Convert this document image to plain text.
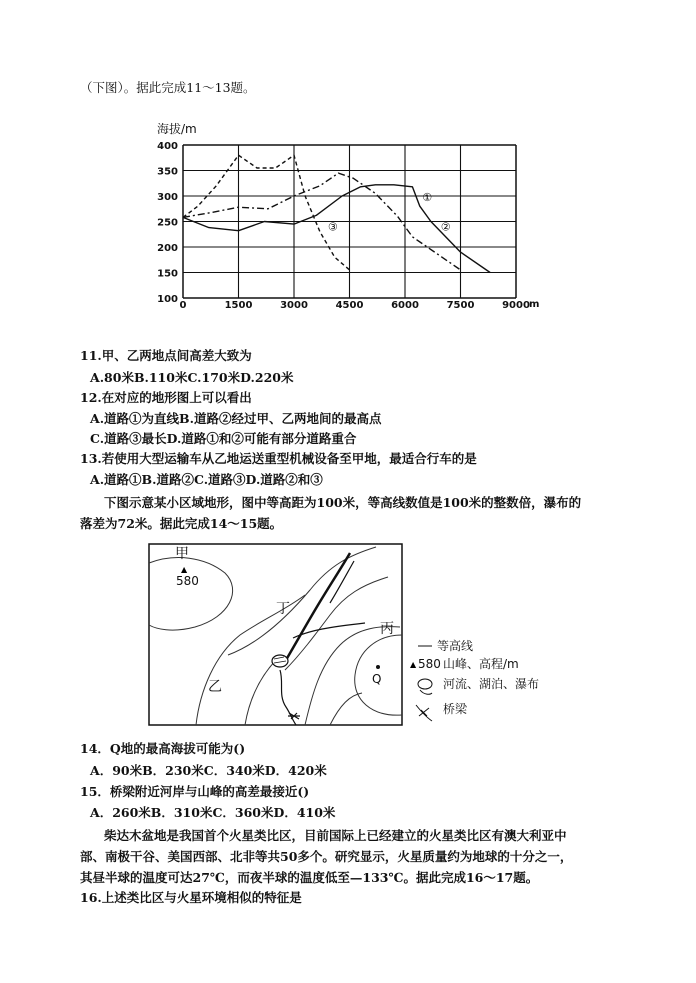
（下图）。据此完成11～13题。
海拔/m
400
350
300
250
200
150
100
0	1500	3000	4500	6000	7500	9000 m
①
②
③
11.甲、乙两地点间高差大致为
A.80米B.110米C.170米D.220米
12.在对应的地形图上可以看出
A.道路①为直线B.道路②经过甲、乙两地间的最高点
C.道路③最长D.道路①和②可能有部分道路重合
13.若使用大型运输车从乙地运送重型机械设备至甲地，最适合行车的是
A.道路①B.道路②C.道路③D.道路②和③
下图示意某小区域地形，图中等高距为100米，等高线数值是100米的整数倍，瀑布的
落差为72米。据此完成14～15题。
甲
▲
580
丁
丙
乙	Q
等高线
▲ 580 山峰、高程/m
河流、湖泊、瀑布
桥梁
14．Q地的最高海拔可能为()
A．90米B．230米C．340米D．420米
15．桥梁附近河岸与山峰的高差最接近()
A．260米B．310米C．360米D．410米
柴达木盆地是我国首个火星类比区，目前国际上已经建立的火星类比区有澳大利亚中
部、南极干谷、美国西部、北非等共50多个。研究显示，火星质量约为地球的十分之一，
其昼半球的温度可达27℃，而夜半球的温度低至—133℃。据此完成16～17题。
16.上述类比区与火星环境相似的特征是
